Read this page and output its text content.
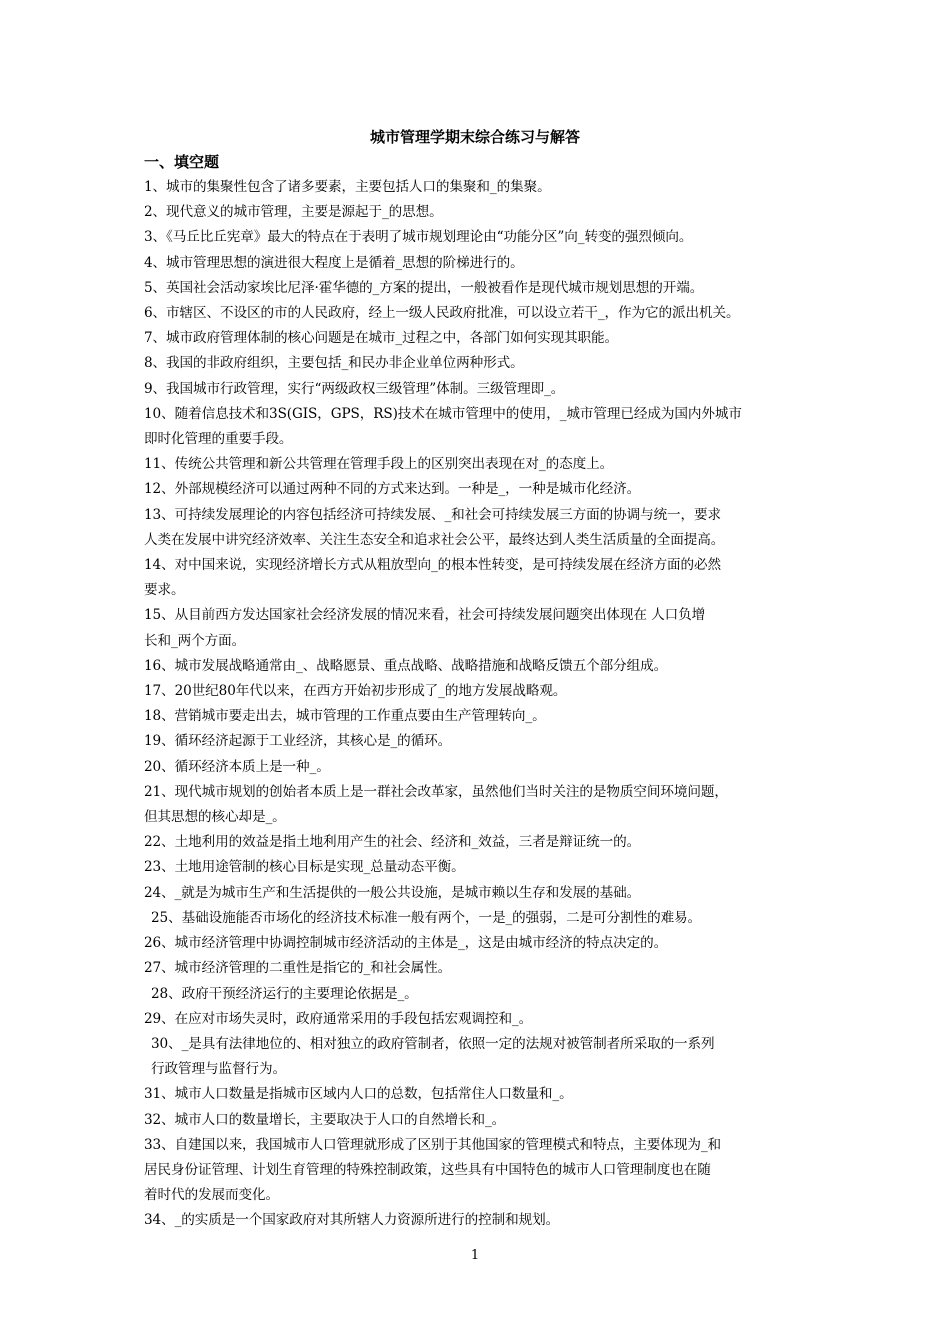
城市管理学期末综合练习与解答
一、填空题
1、城市的集聚性包含了诸多要素，主要包括人口的集聚和_的集聚。
2、现代意义的城市管理，主要是源起于_的思想。
3、《马丘比丘宪章》最大的特点在于表明了城市规划理论由“功能分区”向_转变的强烈倾向。
4、城市管理思想的演进很大程度上是循着_思想的阶梯进行的。
5、英国社会活动家埃比尼泽·霍华德的_方案的提出，一般被看作是现代城市规划思想的开端。
6、市辖区、不设区的市的人民政府，经上一级人民政府批准，可以设立若干_，作为它的派出机关。
7、城市政府管理体制的核心问题是在城市_过程之中，各部门如何实现其职能。
8、我国的非政府组织，主要包括_和民办非企业单位两种形式。
9、我国城市行政管理，实行“两级政权三级管理”体制。三级管理即_。
10、随着信息技术和3S(GIS，GPS，RS)技术在城市管理中的使用，_城市管理已经成为国内外城市
即时化管理的重要手段。
11、传统公共管理和新公共管理在管理手段上的区别突出表现在对_的态度上。
12、外部规模经济可以通过两种不同的方式来达到。一种是_，一种是城市化经济。
13、可持续发展理论的内容包括经济可持续发展、_和社会可持续发展三方面的协调与统一，要求
人类在发展中讲究经济效率、关注生态安全和追求社会公平，最终达到人类生活质量的全面提高。
14、对中国来说，实现经济增长方式从粗放型向_的根本性转变，是可持续发展在经济方面的必然
要求。
15、从目前西方发达国家社会经济发展的情况来看，社会可持续发展问题突出体现在 人口负增
长和_两个方面。
16、城市发展战略通常由_、战略愿景、重点战略、战略措施和战略反馈五个部分组成。
17、20世纪80年代以来，在西方开始初步形成了_的地方发展战略观。
18、营销城市要走出去，城市管理的工作重点要由生产管理转向_。
19、循环经济起源于工业经济，其核心是_的循环。
20、循环经济本质上是一种_。
21、现代城市规划的创始者本质上是一群社会改革家，虽然他们当时关注的是物质空间环境问题，
但其思想的核心却是_。
22、土地利用的效益是指土地利用产生的社会、经济和_效益，三者是辩证统一的。
23、土地用途管制的核心目标是实现_总量动态平衡。
24、_就是为城市生产和生活提供的一般公共设施，是城市赖以生存和发展的基础。
25、基础设施能否市场化的经济技术标准一般有两个，一是_的强弱，二是可分割性的难易。
26、城市经济管理中协调控制城市经济活动的主体是_，这是由城市经济的特点决定的。
27、城市经济管理的二重性是指它的_和社会属性。
28、政府干预经济运行的主要理论依据是_。
29、在应对市场失灵时，政府通常采用的手段包括宏观调控和_。
30、_是具有法律地位的、相对独立的政府管制者，依照一定的法规对被管制者所采取的一系列
行政管理与监督行为。
31、城市人口数量是指城市区域内人口的总数，包括常住人口数量和_。
32、城市人口的数量增长，主要取决于人口的自然增长和_。
33、自建国以来，我国城市人口管理就形成了区别于其他国家的管理模式和特点，主要体现为_和
居民身份证管理、计划生育管理的特殊控制政策，这些具有中国特色的城市人口管理制度也在随
着时代的发展而变化。
34、_的实质是一个国家政府对其所辖人力资源所进行的控制和规划。
1
